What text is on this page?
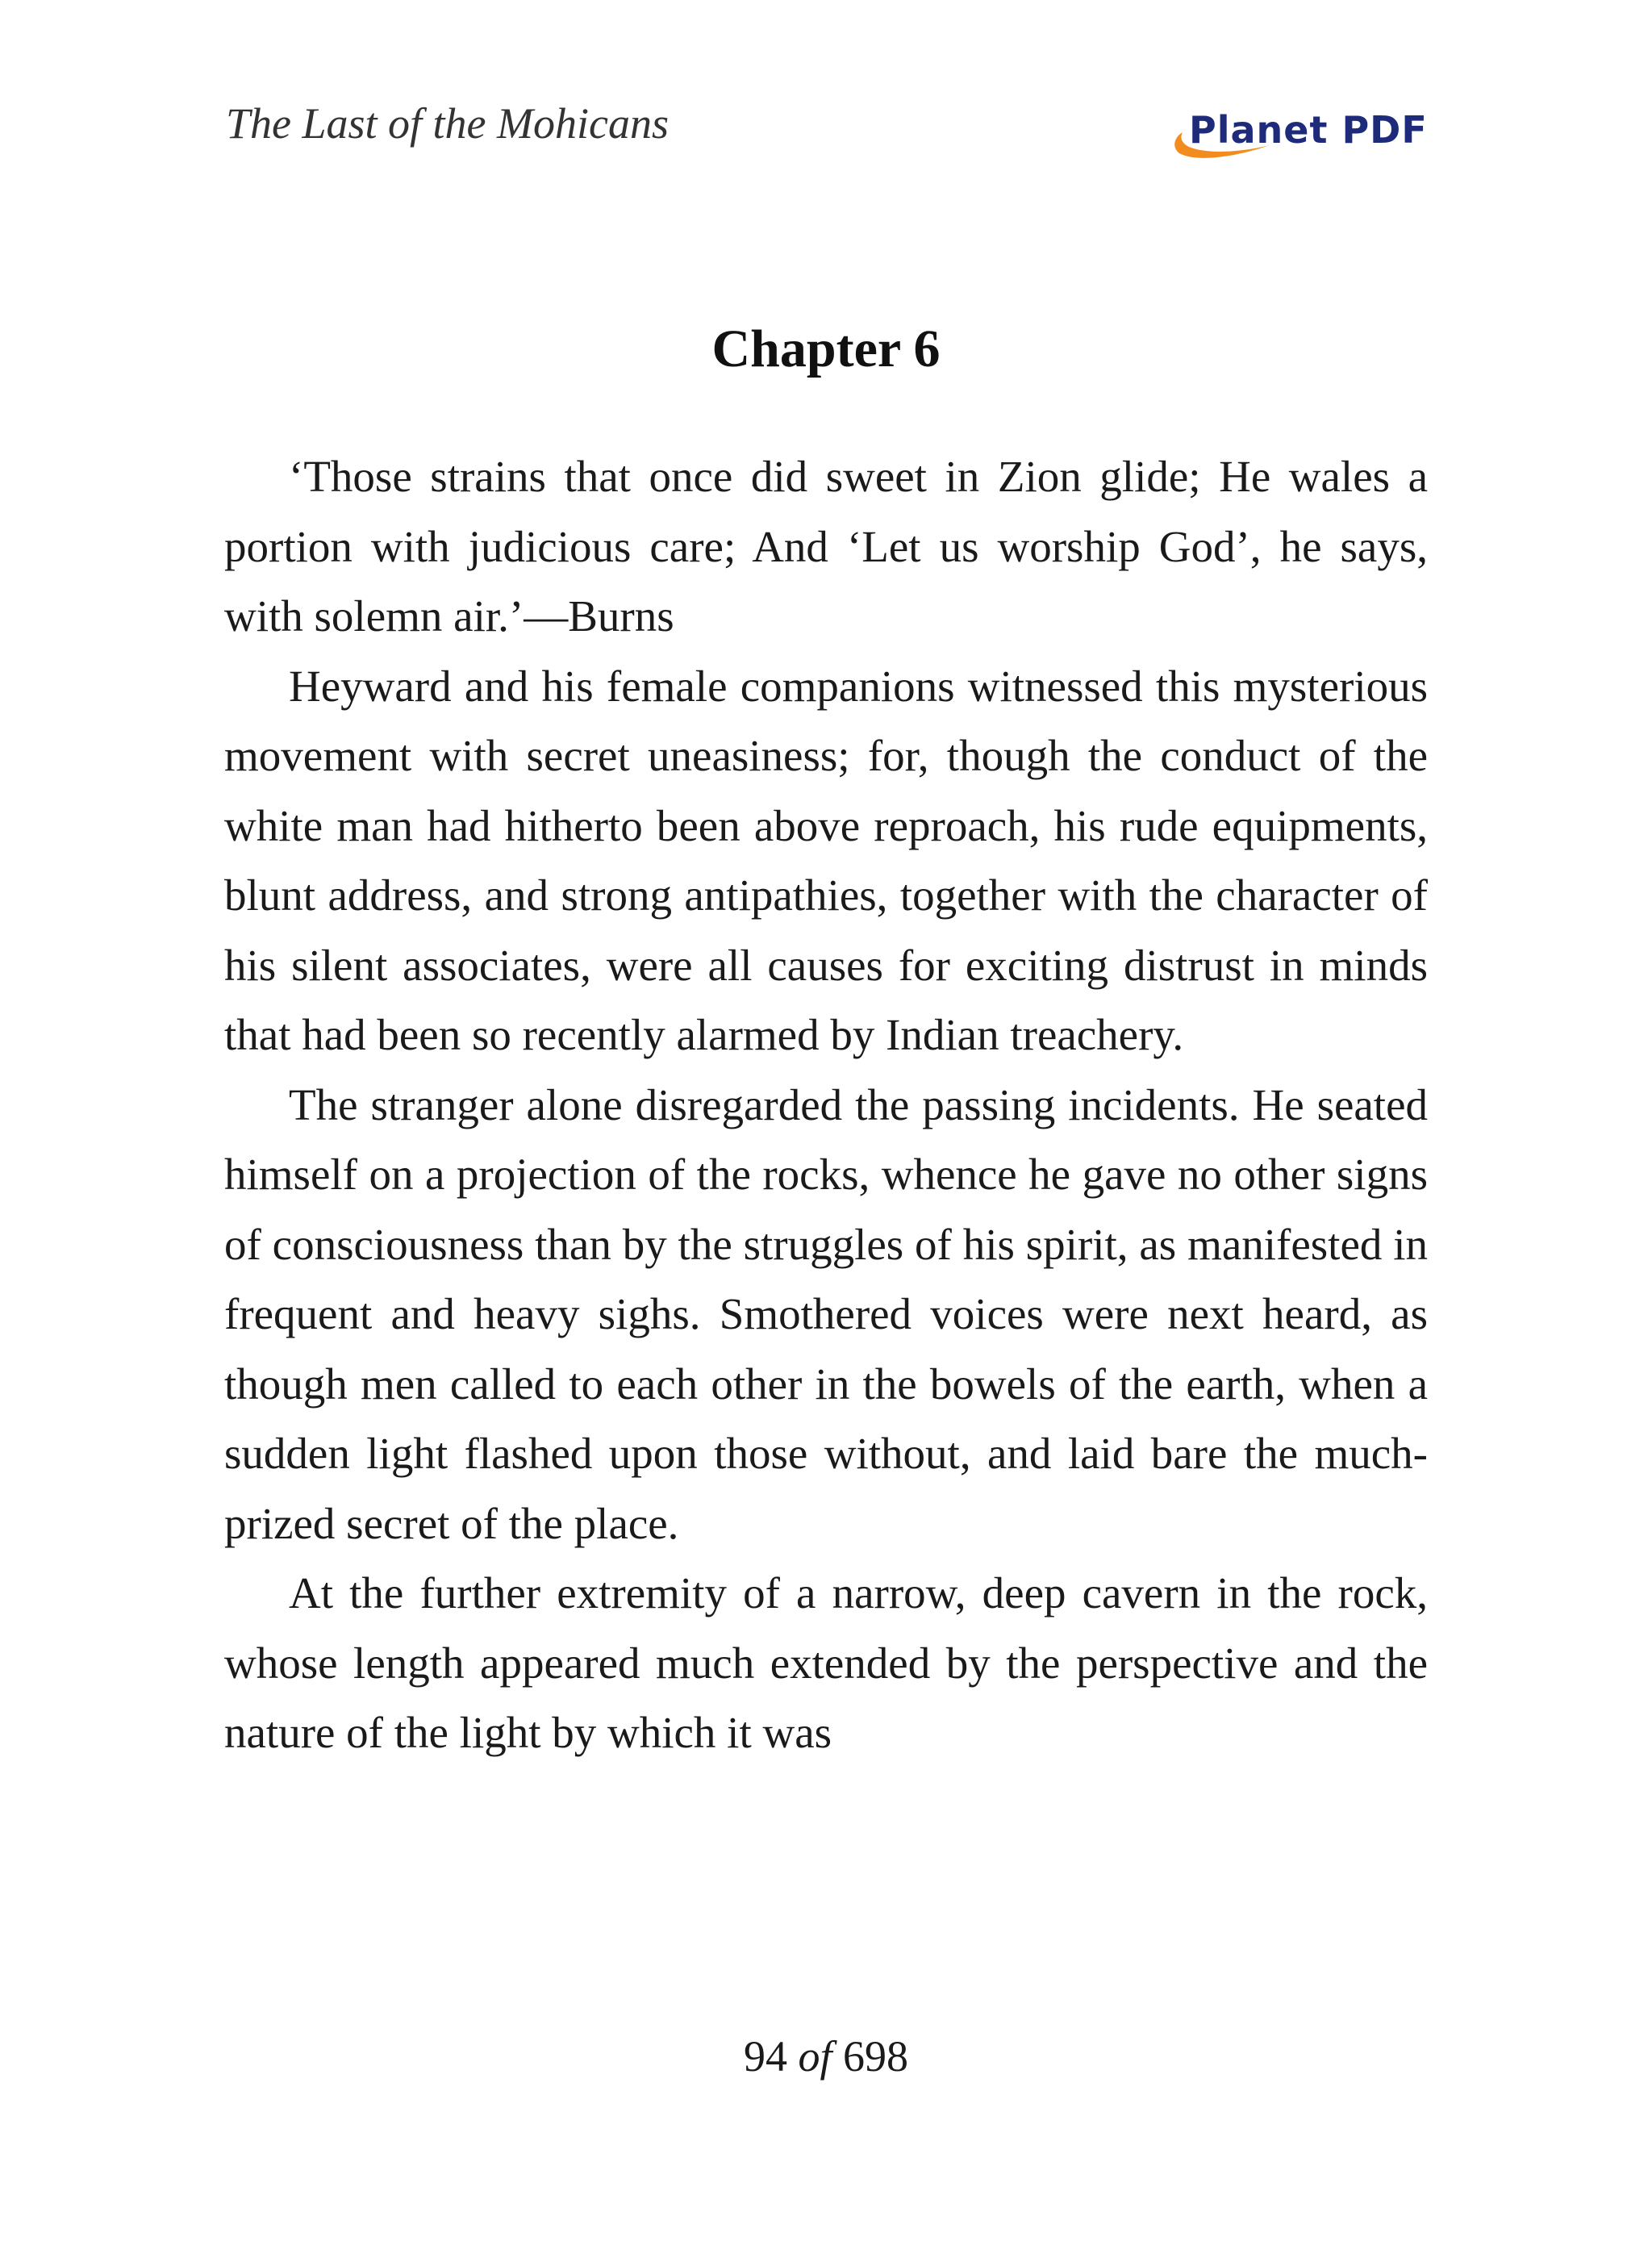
The Last of the Mohicans	Planet PDF
Chapter 6

‘Those strains that once did sweet in Zion glide; He wales a portion with judicious care; And ‘Let us worship God’, he says, with solemn air.’—Burns

Heyward and his female companions witnessed this mysterious movement with secret uneasiness; for, though the conduct of the white man had hitherto been above reproach, his rude equipments, blunt address, and strong antipathies, together with the character of his silent associates, were all causes for exciting distrust in minds that had been so recently alarmed by Indian treachery.

The stranger alone disregarded the passing incidents. He seated himself on a projection of the rocks, whence he gave no other signs of consciousness than by the struggles of his spirit, as manifested in frequent and heavy sighs. Smothered voices were next heard, as though men called to each other in the bowels of the earth, when a sudden light flashed upon those without, and laid bare the much-prized secret of the place.

At the further extremity of a narrow, deep cavern in the rock, whose length appeared much extended by the perspective and the nature of the light by which it was

94 of 698
